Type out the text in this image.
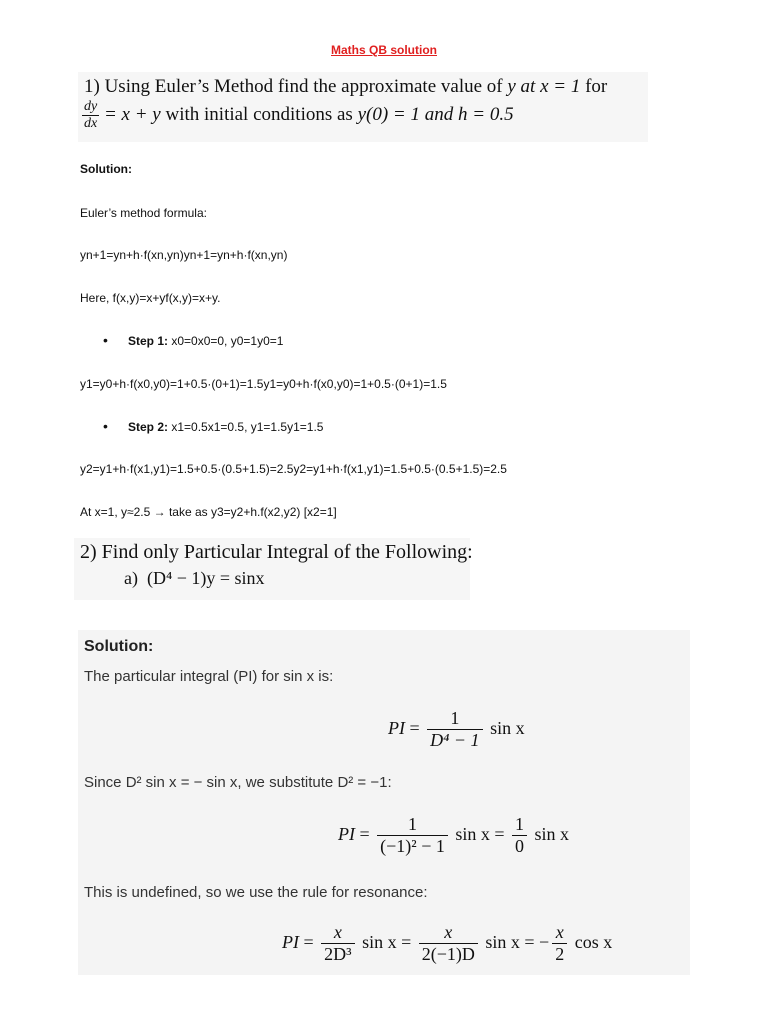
Maths QB solution
1) Using Euler’s Method find the approximate value of y at x = 1 for
$\frac{dy}{dx} = x + y$ with initial conditions as y(0) = 1 and h = 0.5
Solution:
Euler’s method formula:
yn+1=yn+h·f(xn,yn)yn+1=yn+h·f(xn,yn)
Here, f(x,y)=x+yf(x,y)=x+y.
• Step 1: x0=0x0=0, y0=1y0=1
y1=y0+h·f(x0,y0)=1+0.5·(0+1)=1.5y1=y0+h·f(x0,y0)=1+0.5·(0+1)=1.5
• Step 2: x1=0.5x1=0.5, y1=1.5y1=1.5
y2=y1+h·f(x1,y1)=1.5+0.5·(0.5+1.5)=2.5y2=y1+h·f(x1,y1)=1.5+0.5·(0.5+1.5)=2.5
At x=1, y≈2.5 → take as y3=y2+h.f(x2,y2) [x2=1]
2) Find only Particular Integral of the Following:
a) (D⁴ − 1)y = sinx
Solution:
The particular integral (PI) for sin x is:
PI = $\frac{1}{\text{D⁴ − 1}}$ sin x
Since D² sin x = − sin x, we substitute D² = −1:
PI = $\frac{1}{\text{(−1)² − 1}}$ $\sin x = \frac{1}{0}$ sin x
This is undefined, so we use the rule for resonance:
PI = $\frac{x}{\text{2D³}}$ $\sin x = \frac{x}{2(-1)D}$ sin x = − $\frac{x}{2}$ cos x
